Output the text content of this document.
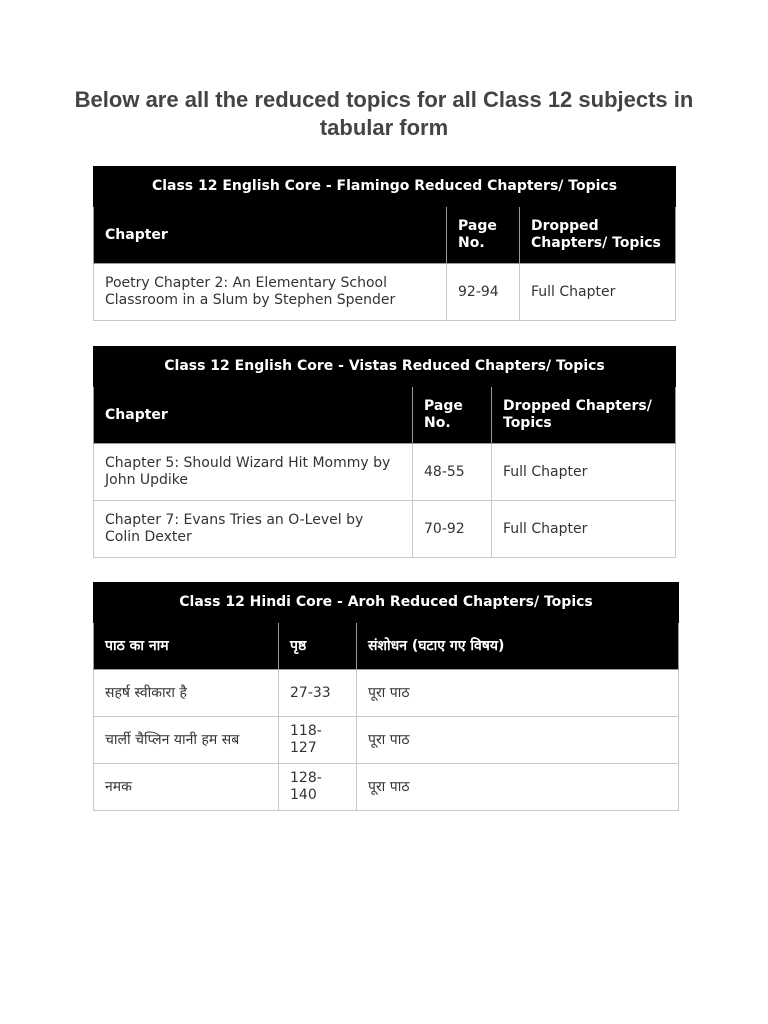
Below are all the reduced topics for all Class 12 subjects in tabular form
Class 12 English Core - Flamingo Reduced Chapters/ Topics		
Chapter	Page No.	Dropped Chapters/ Topics
Poetry Chapter 2: An Elementary School Classroom in a Slum by Stephen Spender	92-94	Full Chapter
Class 12 English Core - Vistas Reduced Chapters/ Topics		
Chapter	Page No.	Dropped Chapters/ Topics
Chapter 5: Should Wizard Hit Mommy by John Updike	48-55	Full Chapter
Chapter 7: Evans Tries an O-Level by Colin Dexter	70-92	Full Chapter
Class 12 Hindi Core - Aroh Reduced Chapters/ Topics		
पाठ का नाम	पृष्ठ	संशोधन (घटाए गए विषय)
सहर्ष स्वीकारा है	27-33	पूरा पाठ
चार्ली चैप्लिन यानी हम सब	118-127	पूरा पाठ
नमक	128-140	पूरा पाठ
